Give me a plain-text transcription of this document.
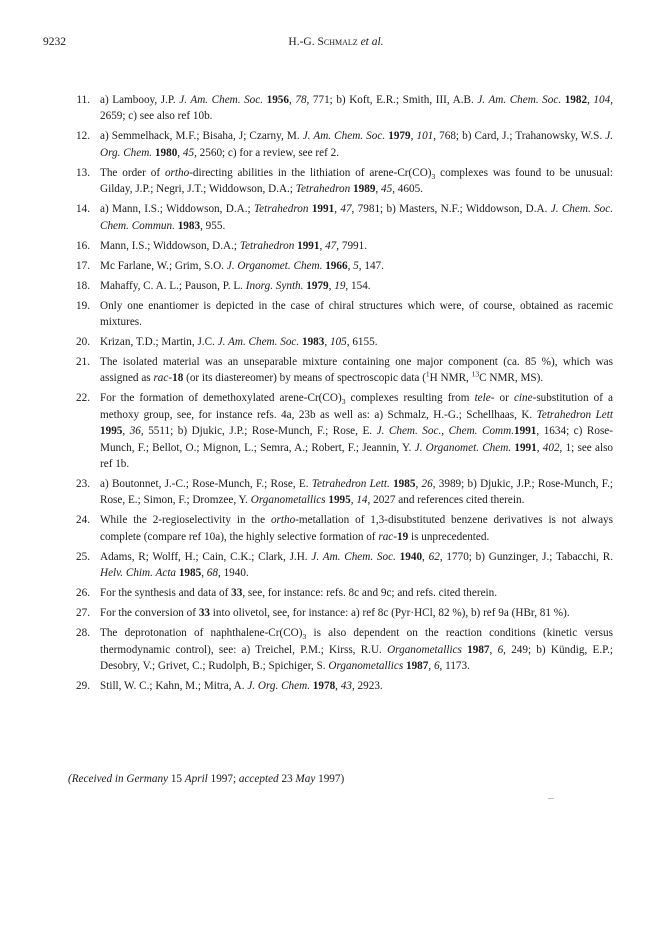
9232	H.-G. Schmalz et al.
11. a) Lambooy, J.P. J. Am. Chem. Soc. 1956, 78, 771; b) Koft, E.R.; Smith, III, A.B. J. Am. Chem. Soc. 1982, 104, 2659; c) see also ref 10b.
12. a) Semmelhack, M.F.; Bisaha, J; Czarny, M. J. Am. Chem. Soc. 1979, 101, 768; b) Card, J.; Trahanowsky, W.S. J. Org. Chem. 1980, 45, 2560; c) for a review, see ref 2.
13. The order of ortho-directing abilities in the lithiation of arene-$Cr(CO)_3$ complexes was found to be unusual: Gilday, J.P.; Negri, J.T.; Widdowson, D.A.; Tetrahedron 1989, 45, 4605.
14. a) Mann, I.S.; Widdowson, D.A.; Tetrahedron 1991, 47, 7981; b) Masters, N.F.; Widdowson, D.A. J. Chem. Soc. Chem. Commun. 1983, 955.
16. Mann, I.S.; Widdowson, D.A.; Tetrahedron 1991, 47, 7991.
17. Mc Farlane, W.; Grim, S.O. J. Organomet. Chem. 1966, 5, 147.
18. Mahaffy, C. A. L.; Pauson, P. L. Inorg. Synth. 1979, 19, 154.
19. Only one enantiomer is depicted in the case of chiral structures which were, of course, obtained as racemic mixtures.
20. Krizan, T.D.; Martin, J.C. J. Am. Chem. Soc. 1983, 105, 6155.
21. The isolated material was an unseparable mixture containing one major component (ca. 85 %), which was assigned as rac-18 (or its diastereomer) by means of spectroscopic data ($^1$H NMR, $^{13}$C NMR, MS).
22. For the formation of demethoxylated arene-$Cr(CO)_3$ complexes resulting from tele- or cine-substitution of a methoxy group, see, for instance refs. 4a, 23b as well as: a) Schmalz, H.-G.; Schellhaas, K. Tetrahedron Lett 1995, 36, 5511; b) Djukic, J.P.; Rose-Munch, F.; Rose, E. J. Chem. Soc., Chem. Comm.1991, 1634; c) Rose-Munch, F.; Bellot, O.; Mignon, L.; Semra, A.; Robert, F.; Jeannin, Y. J. Organomet. Chem. 1991, 402, 1; see also ref 1b.
23. a) Boutonnet, J.-C.; Rose-Munch, F.; Rose, E. Tetrahedron Lett. 1985, 26, 3989; b) Djukic, J.P.; Rose-Munch, F.; Rose, E.; Simon, F.; Dromzee, Y. Organometallics 1995, 14, 2027 and references cited therein.
24. While the 2-regioselectivity in the ortho-metallation of 1,3-disubstituted benzene derivatives is not always complete (compare ref 10a), the highly selective formation of rac-19 is unprecedented.
25. Adams, R; Wolff, H.; Cain, C.K.; Clark, J.H. J. Am. Chem. Soc. 1940, 62, 1770; b) Gunzinger, J.; Tabacchi, R. Helv. Chim. Acta 1985, 68, 1940.
26. For the synthesis and data of 33, see, for instance: refs. 8c and 9c; and refs. cited therein.
27. For the conversion of 33 into olivetol, see, for instance: a) ref 8c (Pyr·HCl, 82 %), b) ref 9a (HBr, 81 %).
28. The deprotonation of naphthalene-$Cr(CO)_3$ is also dependent on the reaction conditions (kinetic versus thermodynamic control), see: a) Treichel, P.M.; Kirss, R.U. Organometallics 1987, 6, 249; b) Kündig, E.P.; Desobry, V.; Grivet, C.; Rudolph, B.; Spichiger, S. Organometallics 1987, 6, 1173.
29. Still, W. C.; Kahn, M.; Mitra, A. J. Org. Chem. 1978, 43, 2923.
(Received in Germany 15 April 1997; accepted 23 May 1997)
